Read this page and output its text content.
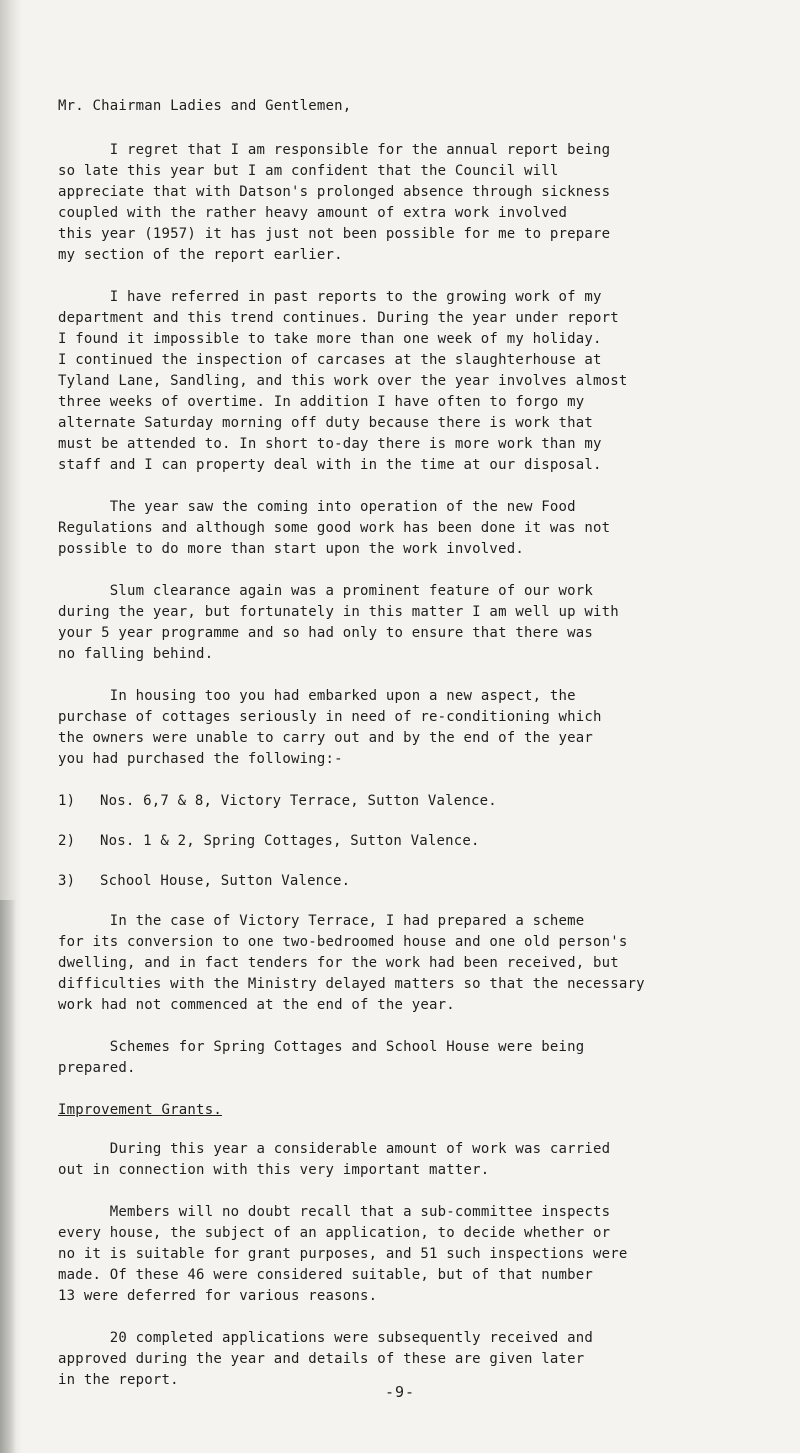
Mr. Chairman Ladies and Gentlemen,

I regret that I am responsible for the annual report being
so late this year but I am confident that the Council will
appreciate that with Datson's prolonged absence through sickness
coupled with the rather heavy amount of extra work involved
this year (1957) it has just not been possible for me to prepare
my section of the report earlier.

I have referred in past reports to the growing work of my
department and this trend continues. During the year under report
I found it impossible to take more than one week of my holiday.
I continued the inspection of carcases at the slaughterhouse at
Tyland Lane, Sandling, and this work over the year involves almost
three weeks of overtime. In addition I have often to forgo my
alternate Saturday morning off duty because there is work that
must be attended to. In short to-day there is more work than my
staff and I can property deal with in the time at our disposal.

The year saw the coming into operation of the new Food
Regulations and although some good work has been done it was not
possible to do more than start upon the work involved.

Slum clearance again was a prominent feature of our work
during the year, but fortunately in this matter I am well up with
your 5 year programme and so had only to ensure that there was
no falling behind.

In housing too you had embarked upon a new aspect, the
purchase of cottages seriously in need of re-conditioning which
the owners were unable to carry out and by the end of the year
you had purchased the following:-

1)	Nos. 6,7 & 8, Victory Terrace, Sutton Valence.

2)	Nos. 1 & 2, Spring Cottages, Sutton Valence.

3)	School House, Sutton Valence.

In the case of Victory Terrace, I had prepared a scheme
for its conversion to one two-bedroomed house and one old person's
dwelling, and in fact tenders for the work had been received, but
difficulties with the Ministry delayed matters so that the necessary
work had not commenced at the end of the year.

Schemes for Spring Cottages and School House were being
prepared.

Improvement Grants.

During this year a considerable amount of work was carried
out in connection with this very important matter.

Members will no doubt recall that a sub-committee inspects
every house, the subject of an application, to decide whether or
no it is suitable for grant purposes, and 51 such inspections were
made. Of these 46 were considered suitable, but of that number
13 were deferred for various reasons.

20 completed applications were subsequently received and
approved during the year and details of these are given later
in the report.

-9-
